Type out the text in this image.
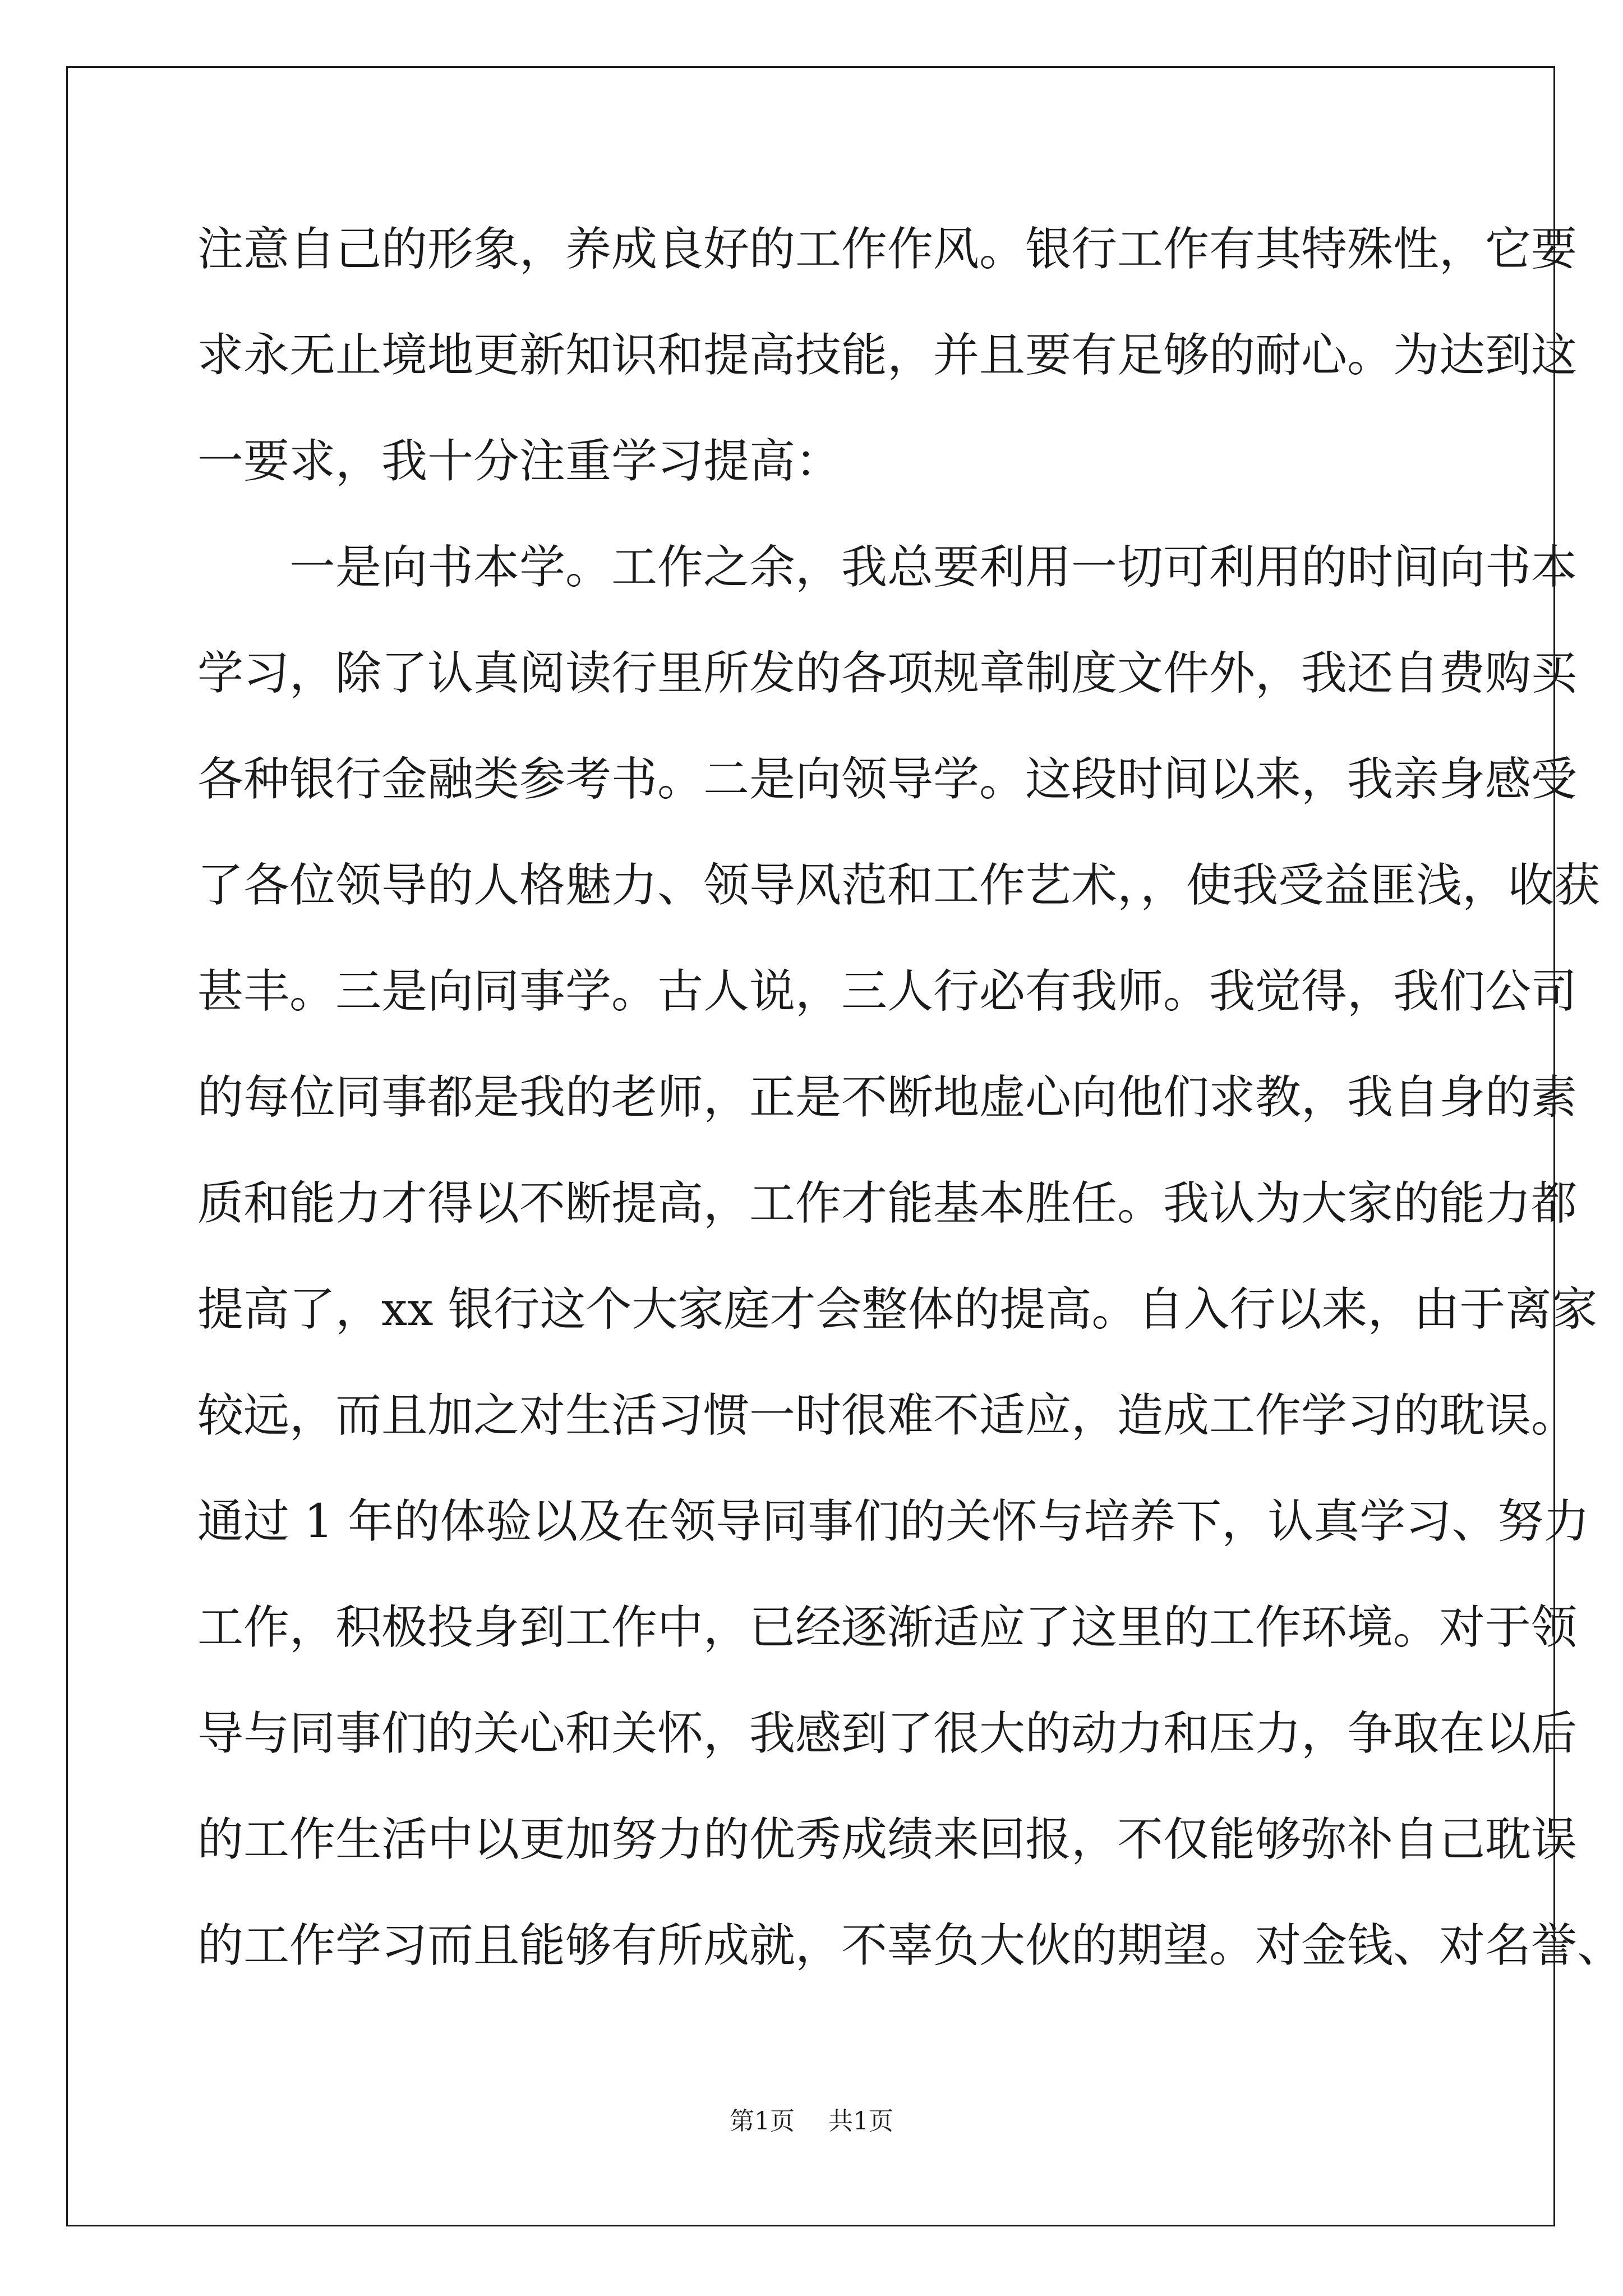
注意自己的形象，养成良好的工作作风。银行工作有其特殊性，它要
求永无止境地更新知识和提高技能，并且要有足够的耐心。为达到这
一要求，我十分注重学习提高：
一是向书本学。工作之余，我总要利用一切可利用的时间向书本
学习，除了认真阅读行里所发的各项规章制度文件外，我还自费购买
各种银行金融类参考书。二是向领导学。这段时间以来，我亲身感受
了各位领导的人格魅力、领导风范和工作艺术，，使我受益匪浅，收获
甚丰。三是向同事学。古人说，三人行必有我师。我觉得，我们公司
的每位同事都是我的老师，正是不断地虚心向他们求教，我自身的素
质和能力才得以不断提高，工作才能基本胜任。我认为大家的能力都
提高了，xx 银行这个大家庭才会整体的提高。自入行以来，由于离家
较远，而且加之对生活习惯一时很难不适应，造成工作学习的耽误。
通过 1 年的体验以及在领导同事们的关怀与培养下，认真学习、努力
工作，积极投身到工作中，已经逐渐适应了这里的工作环境。对于领
导与同事们的关心和关怀，我感到了很大的动力和压力，争取在以后
的工作生活中以更加努力的优秀成绩来回报，不仅能够弥补自己耽误
的工作学习而且能够有所成就，不辜负大伙的期望。对金钱、对名誉、
第1页 共1页
